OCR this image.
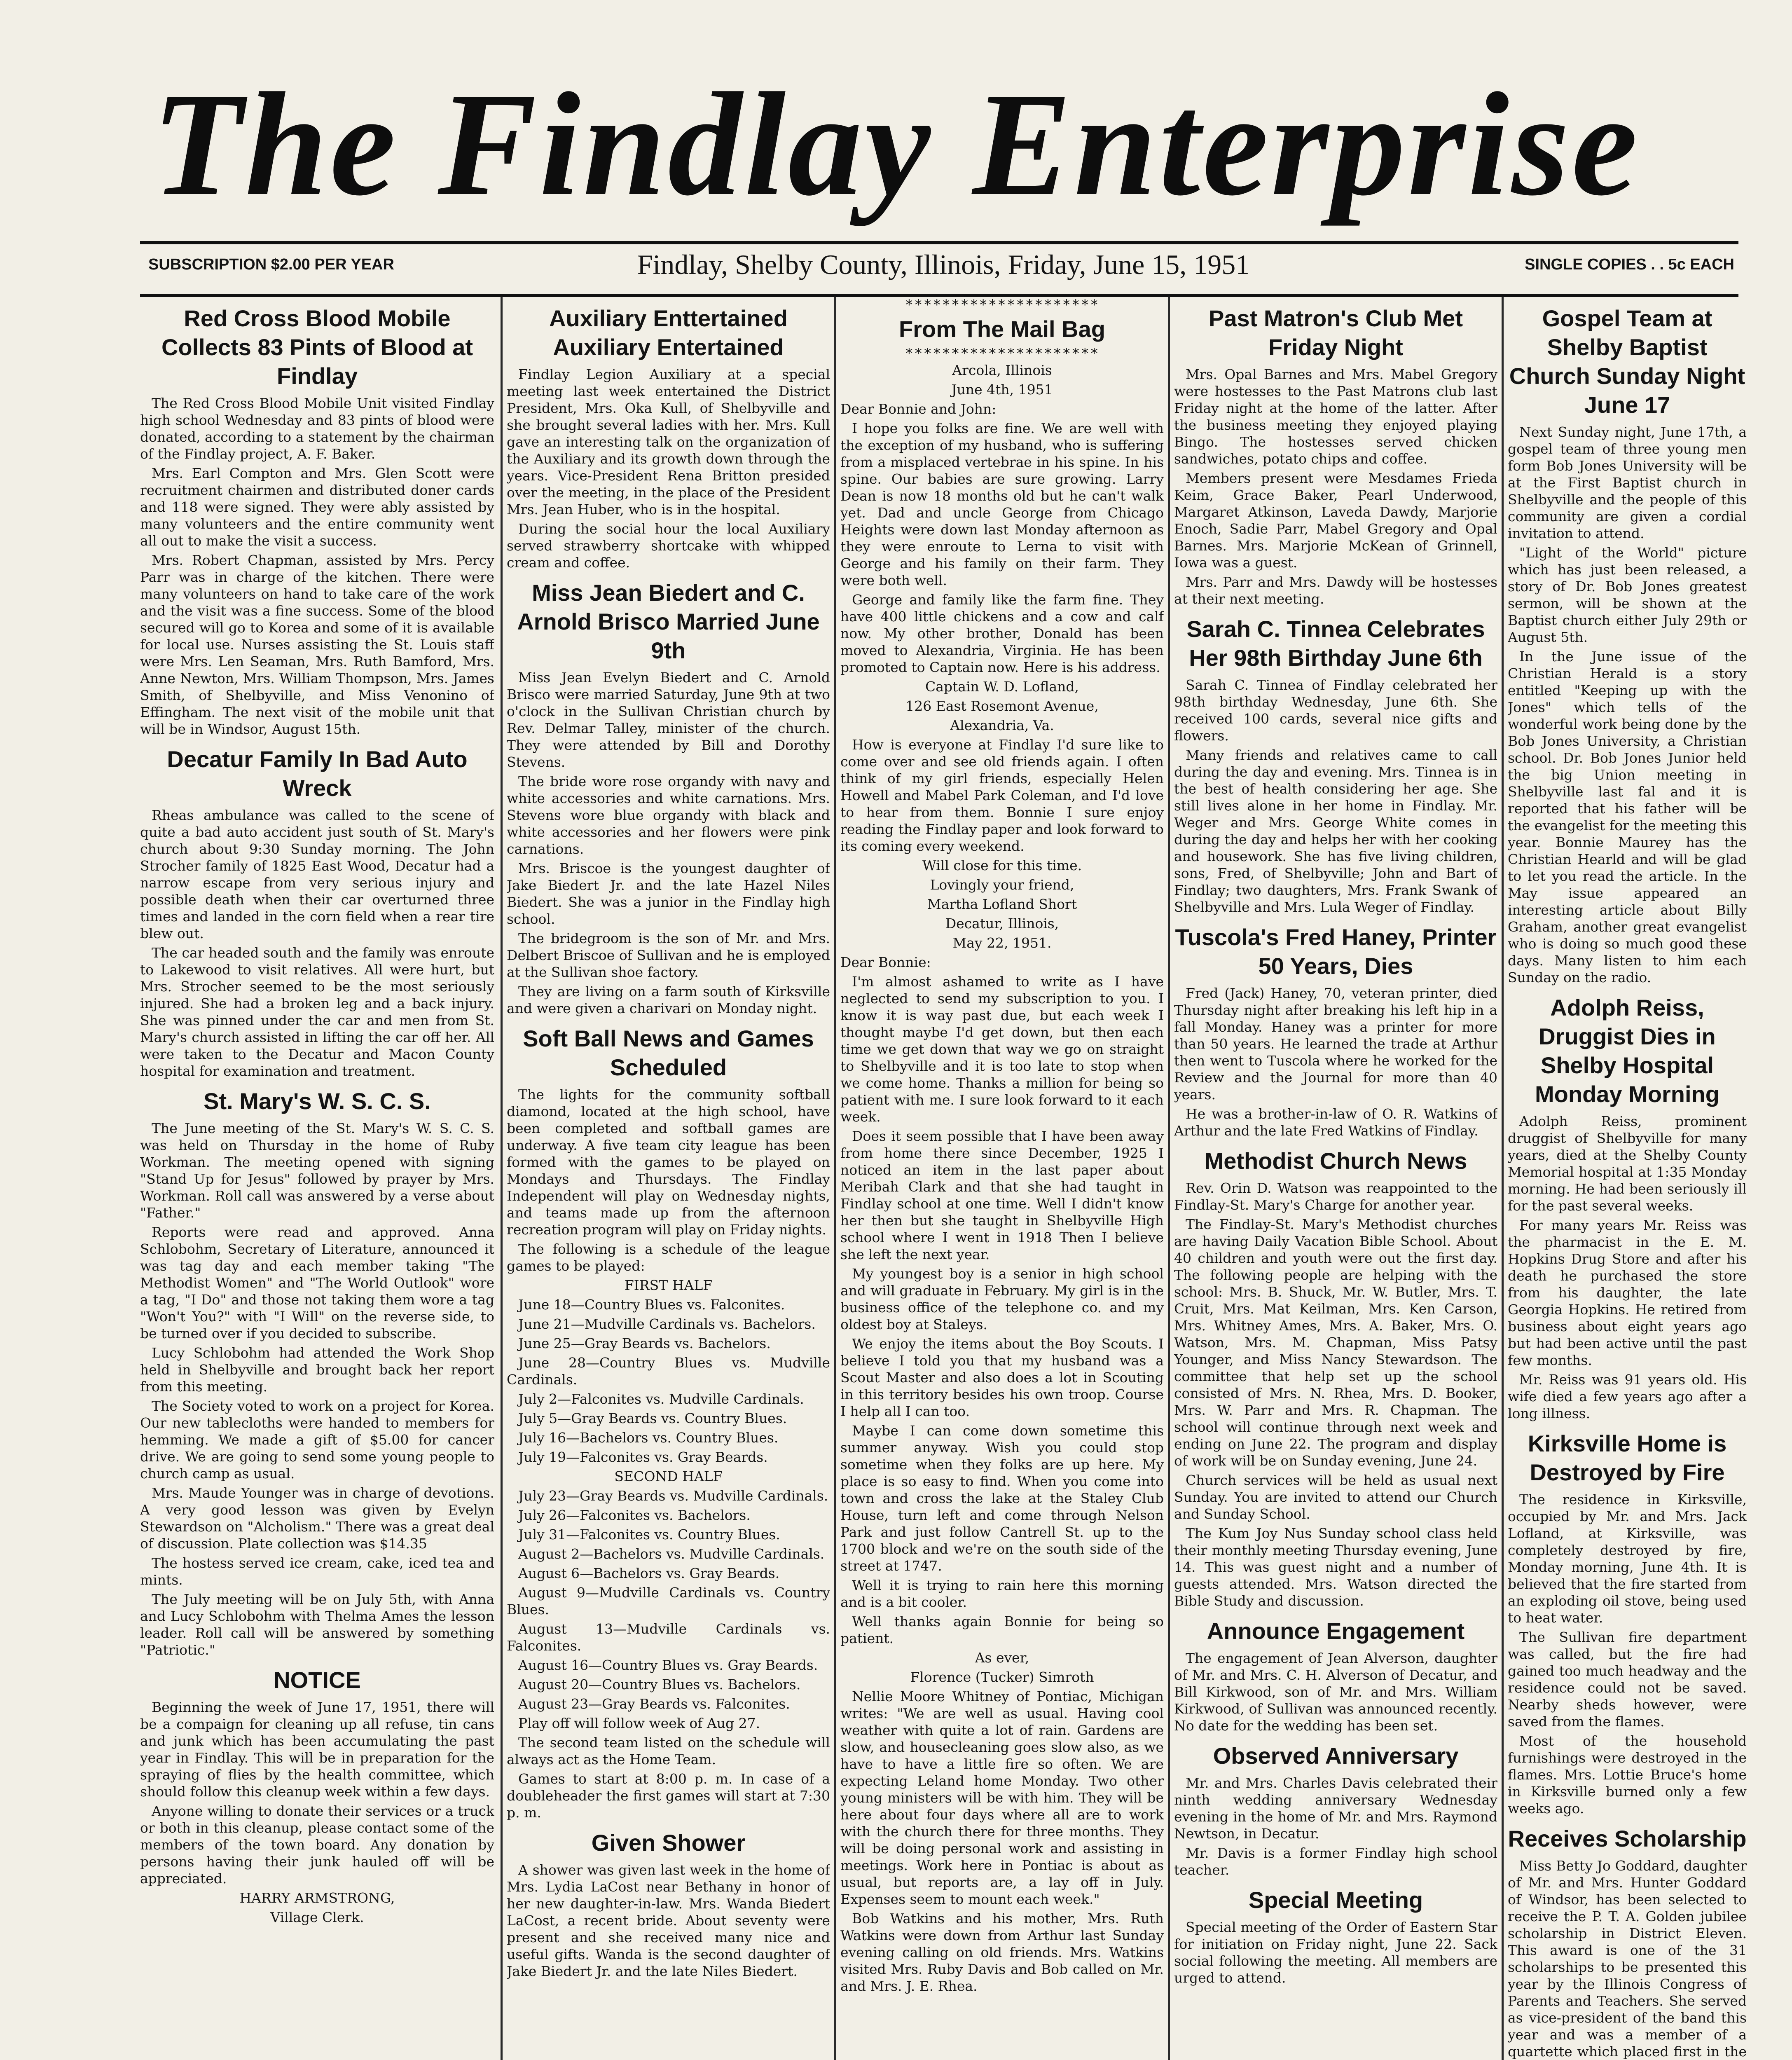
The Findlay Enterprise
SUBSCRIPTION $2.00 PER YEAR	Findlay, Shelby County, Illinois, Friday, June 15, 1951	SINGLE COPIES . . 5c EACH
Red Cross Blood Mobile Collects 83 Pints of Blood at Findlay

The Red Cross Blood Mobile Unit visited Findlay high school Wednesday and 83 pints of blood were donated, according to a statement by the chairman of the Findlay project, A. F. Baker.

Mrs. Earl Compton and Mrs. Glen Scott were recruitment chairmen and distributed doner cards and 118 were signed. They were ably assisted by many volunteers and the entire community went all out to make the visit a success.

Mrs. Robert Chapman, assisted by Mrs. Percy Parr was in charge of the kitchen. There were many volunteers on hand to take care of the work and the visit was a fine success. Some of the blood secured will go to Korea and some of it is available for local use. Nurses assisting the St. Louis staff were Mrs. Len Seaman, Mrs. Ruth Bamford, Mrs. Anne Newton, Mrs. William Thompson, Mrs. James Smith, of Shelbyville, and Miss Venonino of Effingham. The next visit of the mobile unit that will be in Windsor, August 15th.

Decatur Family In Bad Auto Wreck

Rheas ambulance was called to the scene of quite a bad auto accident just south of St. Mary's church about 9:30 Sunday morning. The John Strocher family of 1825 East Wood, Decatur had a narrow escape from very serious injury and possible death when their car overturned three times and landed in the corn field when a rear tire blew out.

The car headed south and the family was enroute to Lakewood to visit relatives. All were hurt, but Mrs. Strocher seemed to be the most seriously injured. She had a broken leg and a back injury. She was pinned under the car and men from St. Mary's church assisted in lifting the car off her. All were taken to the Decatur and Macon County hospital for examination and treatment.

St. Mary's W. S. C. S.

The June meeting of the St. Mary's W. S. C. S. was held on Thursday in the home of Ruby Workman. The meeting opened with signing "Stand Up for Jesus" followed by prayer by Mrs. Workman. Roll call was answered by a verse about "Father."

Reports were read and approved. Anna Schlobohm, Secretary of Literature, announced it was tag day and each member taking "The Methodist Women" and "The World Outlook" wore a tag, "I Do" and those not taking them wore a tag "Won't You?" with "I Will" on the reverse side, to be turned over if you decided to subscribe.

Lucy Schlobohm had attended the Work Shop held in Shelbyville and brought back her report from this meeting.

The Society voted to work on a project for Korea. Our new tablecloths were handed to members for hemming. We made a gift of $5.00 for cancer drive. We are going to send some young people to church camp as usual.

Mrs. Maude Younger was in charge of devotions. A very good lesson was given by Evelyn Stewardson on "Alcholism." There was a great deal of discussion. Plate collection was $14.35

The hostess served ice cream, cake, iced tea and mints.

The July meeting will be on July 5th, with Anna and Lucy Schlobohm with Thelma Ames the lesson leader. Roll call will be answered by something "Patriotic."

NOTICE

Beginning the week of June 17, 1951, there will be a compaign for cleaning up all refuse, tin cans and junk which has been accumulating the past year in Findlay. This will be in preparation for the spraying of flies by the health committee, which should follow this cleanup week within a few days.

Anyone willing to donate their services or a truck or both in this cleanup, please contact some of the members of the town board. Any donation by persons having their junk hauled off will be appreciated.

HARRY ARMSTRONG,

Village Clerk.

Auxiliary Enttertained Auxiliary Entertained

Findlay Legion Auxiliary at a special meeting last week entertained the District President, Mrs. Oka Kull, of Shelbyville and she brought several ladies with her. Mrs. Kull gave an interesting talk on the organization of the Auxiliary and its growth down through the years. Vice-President Rena Britton presided over the meeting, in the place of the President Mrs. Jean Huber, who is in the hospital.

During the social hour the local Auxiliary served strawberry shortcake with whipped cream and coffee.

Miss Jean Biedert and C. Arnold Brisco Married June 9th

Miss Jean Evelyn Biedert and C. Arnold Brisco were married Saturday, June 9th at two o'clock in the Sullivan Christian church by Rev. Delmar Talley, minister of the church. They were attended by Bill and Dorothy Stevens.

The bride wore rose organdy with navy and white accessories and white carnations. Mrs. Stevens wore blue organdy with black and white accessories and her flowers were pink carnations.

Mrs. Briscoe is the youngest daughter of Jake Biedert Jr. and the late Hazel Niles Biedert. She was a junior in the Findlay high school.

The bridegroom is the son of Mr. and Mrs. Delbert Briscoe of Sullivan and he is employed at the Sullivan shoe factory.

They are living on a farm south of Kirksville and were given a charivari on Monday night.

Soft Ball News and Games Scheduled

The lights for the community softball diamond, located at the high school, have been completed and softball games are underway. A five team city league has been formed with the games to be played on Mondays and Thursdays. The Findlay Independent will play on Wednesday nights, and teams made up from the afternoon recreation program will play on Friday nights.

The following is a schedule of the league games to be played:

FIRST HALF

June 18—Country Blues vs. Falconites.

June 21—Mudville Cardinals vs. Bachelors.

June 25—Gray Beards vs. Bachelors.

June 28—Country Blues vs. Mudville Cardinals.

July 2—Falconites vs. Mudville Cardinals.

July 5—Gray Beards vs. Country Blues.

July 16—Bachelors vs. Country Blues.

July 19—Falconites vs. Gray Beards.

SECOND HALF

July 23—Gray Beards vs. Mudville Cardinals.

July 26—Falconites vs. Bachelors.

July 31—Falconites vs. Country Blues.

August 2—Bachelors vs. Mudville Cardinals.

August 6—Bachelors vs. Gray Beards.

August 9—Mudville Cardinals vs. Country Blues.

August 13—Mudville Cardinals vs. Falconites.

August 16—Country Blues vs. Gray Beards.

August 20—Country Blues vs. Bachelors.

August 23—Gray Beards vs. Falconites.

Play off will follow week of Aug 27.

The second team listed on the schedule will always act as the Home Team.

Games to start at 8:00 p. m. In case of a doubleheader the first games will start at 7:30 p. m.

Given Shower

A shower was given last week in the home of Mrs. Lydia LaCost near Bethany in honor of her new daughter-in-law. Mrs. Wanda Biedert LaCost, a recent bride. About seventy were present and she received many nice and useful gifts. Wanda is the second daughter of Jake Biedert Jr. and the late Niles Biedert.

*********************
From The Mail Bag
*********************

Arcola, Illinois

June 4th, 1951

Dear Bonnie and John:

I hope you folks are fine. We are well with the exception of my husband, who is suffering from a misplaced vertebrae in his spine. In his spine. Our babies are sure growing. Larry Dean is now 18 months old but he can't walk yet. Dad and uncle George from Chicago Heights were down last Monday afternoon as they were enroute to Lerna to visit with George and his family on their farm. They were both well.

George and family like the farm fine. They have 400 little chickens and a cow and calf now. My other brother, Donald has been moved to Alexandria, Virginia. He has been promoted to Captain now. Here is his address.

Captain W. D. Lofland,

126 East Rosemont Avenue,

Alexandria, Va.

How is everyone at Findlay I'd sure like to come over and see old friends again. I often think of my girl friends, especially Helen Howell and Mabel Park Coleman, and I'd love to hear from them. Bonnie I sure enjoy reading the Findlay paper and look forward to its coming every weekend.

Will close for this time.

Lovingly your friend,

Martha Lofland Short

Decatur, Illinois,

May 22, 1951.

Dear Bonnie:

I'm almost ashamed to write as I have neglected to send my subscription to you. I know it is way past due, but each week I thought maybe I'd get down, but then each time we get down that way we go on straight to Shelbyville and it is too late to stop when we come home. Thanks a million for being so patient with me. I sure look forward to it each week.

Does it seem possible that I have been away from home there since December, 1925 I noticed an item in the last paper about Meribah Clark and that she had taught in Findlay school at one time. Well I didn't know her then but she taught in Shelbyville High school where I went in 1918 Then I believe she left the next year.

My youngest boy is a senior in high school and will graduate in February. My girl is in the business office of the telephone co. and my oldest boy at Staleys.

We enjoy the items about the Boy Scouts. I believe I told you that my husband was a Scout Master and also does a lot in Scouting in this territory besides his own troop. Course I help all I can too.

Maybe I can come down sometime this summer anyway. Wish you could stop sometime when they folks are up here. My place is so easy to find. When you come into town and cross the lake at the Staley Club House, turn left and come through Nelson Park and just follow Cantrell St. up to the 1700 block and we're on the south side of the street at 1747.

Well it is trying to rain here this morning and is a bit cooler.

Well thanks again Bonnie for being so patient.

As ever,

Florence (Tucker) Simroth

Nellie Moore Whitney of Pontiac, Michigan writes: "We are well as usual. Having cool weather with quite a lot of rain. Gardens are slow, and housecleaning goes slow also, as we have to have a little fire so often. We are expecting Leland home Monday. Two other young ministers will be with him. They will be here about four days where all are to work with the church there for three months. They will be doing personal work and assisting in meetings. Work here in Pontiac is about as usual, but reports are, a lay off in July. Expenses seem to mount each week."

Bob Watkins and his mother, Mrs. Ruth Watkins were down from Arthur last Sunday evening calling on old friends. Mrs. Watkins visited Mrs. Ruby Davis and Bob called on Mr. and Mrs. J. E. Rhea.

Past Matron's Club Met Friday Night

Mrs. Opal Barnes and Mrs. Mabel Gregory were hostesses to the Past Matrons club last Friday night at the home of the latter. After the business meeting they enjoyed playing Bingo. The hostesses served chicken sandwiches, potato chips and coffee.

Members present were Mesdames Frieda Keim, Grace Baker, Pearl Underwood, Margaret Atkinson, Laveda Dawdy, Marjorie Enoch, Sadie Parr, Mabel Gregory and Opal Barnes. Mrs. Marjorie McKean of Grinnell, Iowa was a guest.

Mrs. Parr and Mrs. Dawdy will be hostesses at their next meeting.

Sarah C. Tinnea Celebrates Her 98th Birthday June 6th

Sarah C. Tinnea of Findlay celebrated her 98th birthday Wednesday, June 6th. She received 100 cards, several nice gifts and flowers.

Many friends and relatives came to call during the day and evening. Mrs. Tinnea is in the best of health considering her age. She still lives alone in her home in Findlay. Mr. Weger and Mrs. George White comes in during the day and helps her with her cooking and housework. She has five living children, sons, Fred, of Shelbyville; John and Bart of Findlay; two daughters, Mrs. Frank Swank of Shelbyville and Mrs. Lula Weger of Findlay.

Tuscola's Fred Haney, Printer 50 Years, Dies

Fred (Jack) Haney, 70, veteran printer, died Thursday night after breaking his left hip in a fall Monday. Haney was a printer for more than 50 years. He learned the trade at Arthur then went to Tuscola where he worked for the Review and the Journal for more than 40 years.

He was a brother-in-law of O. R. Watkins of Arthur and the late Fred Watkins of Findlay.

Methodist Church News

Rev. Orin D. Watson was reappointed to the Findlay-St. Mary's Charge for another year.

The Findlay-St. Mary's Methodist churches are having Daily Vacation Bible School. About 40 children and youth were out the first day. The following people are helping with the school: Mrs. B. Shuck, Mr. W. Butler, Mrs. T. Cruit, Mrs. Mat Keilman, Mrs. Ken Carson, Mrs. Whitney Ames, Mrs. A. Baker, Mrs. O. Watson, Mrs. M. Chapman, Miss Patsy Younger, and Miss Nancy Stewardson. The committee that help set up the school consisted of Mrs. N. Rhea, Mrs. D. Booker, Mrs. W. Parr and Mrs. R. Chapman. The school will continue through next week and ending on June 22. The program and display of work will be on Sunday evening, June 24.

Church services will be held as usual next Sunday. You are invited to attend our Church and Sunday School.

The Kum Joy Nus Sunday school class held their monthly meeting Thursday evening, June 14. This was guest night and a number of guests attended. Mrs. Watson directed the Bible Study and discussion.

Announce Engagement

The engagement of Jean Alverson, daughter of Mr. and Mrs. C. H. Alverson of Decatur, and Bill Kirkwood, son of Mr. and Mrs. William Kirkwood, of Sullivan was announced recently. No date for the wedding has been set.

Observed Anniversary

Mr. and Mrs. Charles Davis celebrated their ninth wedding anniversary Wednesday evening in the home of Mr. and Mrs. Raymond Newtson, in Decatur.

Mr. Davis is a former Findlay high school teacher.

Special Meeting

Special meeting of the Order of Eastern Star for initiation on Friday night, June 22. Sack social following the meeting. All members are urged to attend.

Gospel Team at Shelby Baptist Church Sunday Night June 17

Next Sunday night, June 17th, a gospel team of three young men form Bob Jones University will be at the First Baptist church in Shelbyville and the people of this community are given a cordial invitation to attend.

"Light of the World" picture which has just been released, a story of Dr. Bob Jones greatest sermon, will be shown at the Baptist church either July 29th or August 5th.

In the June issue of the Christian Herald is a story entitled "Keeping up with the Jones" which tells of the wonderful work being done by the Bob Jones University, a Christian school. Dr. Bob Jones Junior held the big Union meeting in Shelbyville last fal and it is reported that his father will be the evangelist for the meeting this year. Bonnie Maurey has the Christian Hearld and will be glad to let you read the article. In the May issue appeared an interesting article about Billy Graham, another great evangelist who is doing so much good these days. Many listen to him each Sunday on the radio.

Adolph Reiss, Druggist Dies in Shelby Hospital Monday Morning

Adolph Reiss, prominent druggist of Shelbyville for many years, died at the Shelby County Memorial hospital at 1:35 Monday morning. He had been seriously ill for the past several weeks.

For many years Mr. Reiss was the pharmacist in the E. M. Hopkins Drug Store and after his death he purchased the store from his daughter, the late Georgia Hopkins. He retired from business about eight years ago but had been active until the past few months.

Mr. Reiss was 91 years old. His wife died a few years ago after a long illness.

Kirksville Home is Destroyed by Fire

The residence in Kirksville, occupied by Mr. and Mrs. Jack Lofland, at Kirksville, was completely destroyed by fire, Monday morning, June 4th. It is believed that the fire started from an exploding oil stove, being used to heat water.

The Sullivan fire department was called, but the fire had gained too much headway and the residence could not be saved. Nearby sheds however, were saved from the flames.

Most of the household furnishings were destroyed in the flames. Mrs. Lottie Bruce's home in Kirksville burned only a few weeks ago.

Receives Scholarship

Miss Betty Jo Goddard, daughter of Mr. and Mrs. Hunter Goddard of Windsor, has been selected to receive the P. T. A. Golden jubilee scholarship in District Eleven. This award is one of the 31 scholarships to be presented this year by the Illinois Congress of Parents and Teachers. She served as vice-president of the band this year and was a member of a quartette which placed first in the
